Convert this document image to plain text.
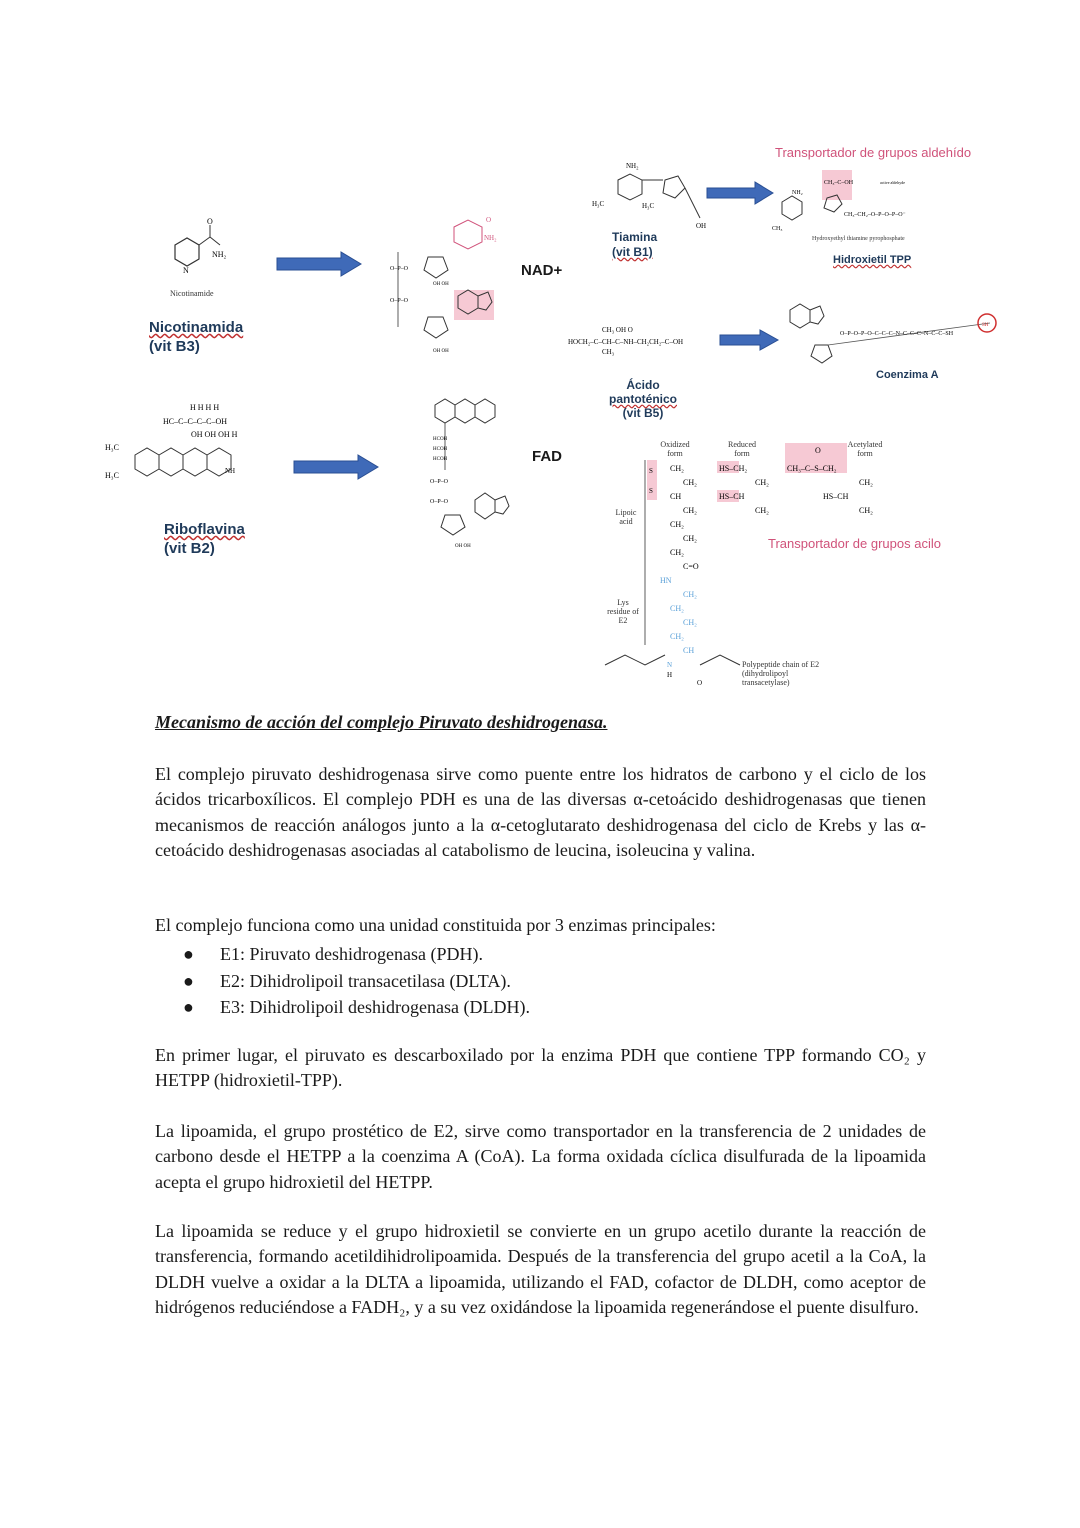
O
NH₂
N
Nicotinamide
Nicotinamida
(vit B3)
O
NH₂
O–P–O
O–P–O
OH OH
OH OH
NAD+
H H H H
HC–C–C–C–C–OH
OH OH OH H
H₃C
H₃C	NH
Riboflavina
(vit B2)
HCOH
HCOH
HCOH
O–P–O
O–P–O
OH OH
FAD
NH₂
H₃C	H₃C
OH
Tiamina
(vit B1)
Transportador de grupos aldehído
CH₃–C–OH	active aldehyde
NH₂
CH₃–CH₂–O–P–O–P–O⁻
CH₃
Hydroxyethyl thiamine pyrophosphate
Hidroxietil TPP
CH₃ OH O
HOCH₂–C–CH–C–NH–CH₂CH₂–C–OH
CH₃
Ácido
pantoténico
(vit B5)
O–P–O–P–O–C–C–C–N–C–C–C–N–C–C–SH
SH
Coenzima A
Oxidized form
Reduced form
Acetylated form
S
S
CH₂
CH₂
CH
CH₂
CH₂
CH₂
CH₂
C=O
HN
CH₂
CH₂
CH₂
CH₂
CH
N
H
O
HS–CH₂
CH₂
HS–CH
CH₂
O
CH₃–C–S–CH₂
CH₂
HS–CH
CH₂
Lipoic acid
Lys residue of E2
Polypeptide chain of E2 (dihydrolipoyl transacetylase)
Transportador de grupos acilo
Mecanismo de acción del complejo Piruvato deshidrogenasa.

El complejo piruvato deshidrogenasa sirve como puente entre los hidratos de carbono y el ciclo de los ácidos tricarboxílicos. El complejo PDH es una de las diversas α-cetoácido deshidrogenasas que tienen mecanismos de reacción análogos junto a la α-cetoglutarato deshidrogenasa del ciclo de Krebs y las α-cetoácido deshidrogenasas asociadas al catabolismo de leucina, isoleucina y valina.

El complejo funciona como una unidad constituida por 3 enzimas principales:

● E1: Piruvato deshidrogenasa (PDH).
● E2: Dihidrolipoil transacetilasa (DLTA).
● E3: Dihidrolipoil deshidrogenasa (DLDH).

En primer lugar, el piruvato es descarboxilado por la enzima PDH que contiene TPP formando CO₂ y HETPP (hidroxietil-TPP).

La lipoamida, el grupo prostético de E2, sirve como transportador en la transferencia de 2 unidades de carbono desde el HETPP a la coenzima A (CoA). La forma oxidada cíclica disulfurada de la lipoamida acepta el grupo hidroxietil del HETPP.

La lipoamida se reduce y el grupo hidroxietil se convierte en un grupo acetilo durante la reacción de transferencia, formando acetildihidrolipoamida. Después de la transferencia del grupo acetil a la CoA, la DLDH vuelve a oxidar a la DLTA a lipoamida, utilizando el FAD, cofactor de DLDH, como aceptor de hidrógenos reduciéndose a FADH₂, y a su vez oxidándose la lipoamida regenerándose el puente disulfuro.
